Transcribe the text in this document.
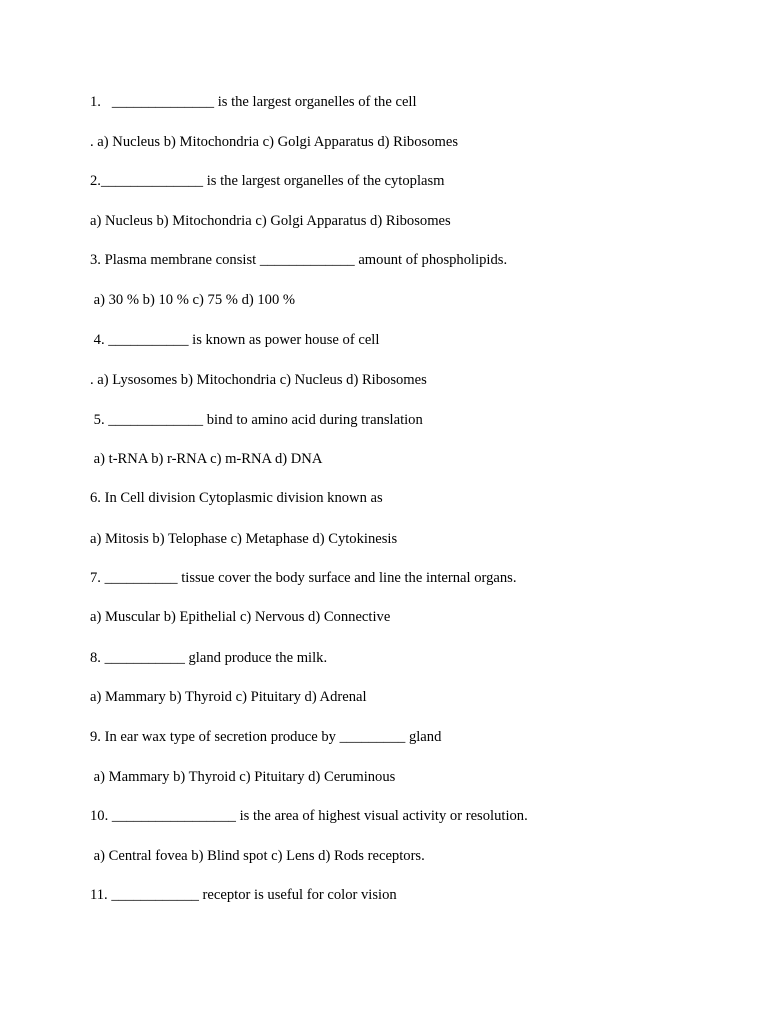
1.   ______________ is the largest organelles of the cell
. a) Nucleus b) Mitochondria c) Golgi Apparatus d) Ribosomes
2.______________ is the largest organelles of the cytoplasm
a) Nucleus b) Mitochondria c) Golgi Apparatus d) Ribosomes
3. Plasma membrane consist _____________ amount of phospholipids.
a) 30 % b) 10 % c) 75 % d) 100 %
4. ___________ is known as power house of cell
. a) Lysosomes b) Mitochondria c) Nucleus d) Ribosomes
5. _____________ bind to amino acid during translation
a) t-RNA b) r-RNA c) m-RNA d) DNA
6. In Cell division Cytoplasmic division known as
a) Mitosis b) Telophase c) Metaphase d) Cytokinesis
7. __________ tissue cover the body surface and line the internal organs.
a) Muscular b) Epithelial c) Nervous d) Connective
8. ___________ gland produce the milk.
a) Mammary b) Thyroid c) Pituitary d) Adrenal
9. In ear wax type of secretion produce by _________ gland
a) Mammary b) Thyroid c) Pituitary d) Ceruminous
10. _________________ is the area of highest visual activity or resolution.
a) Central fovea b) Blind spot c) Lens d) Rods receptors.
11. ____________ receptor is useful for color vision
